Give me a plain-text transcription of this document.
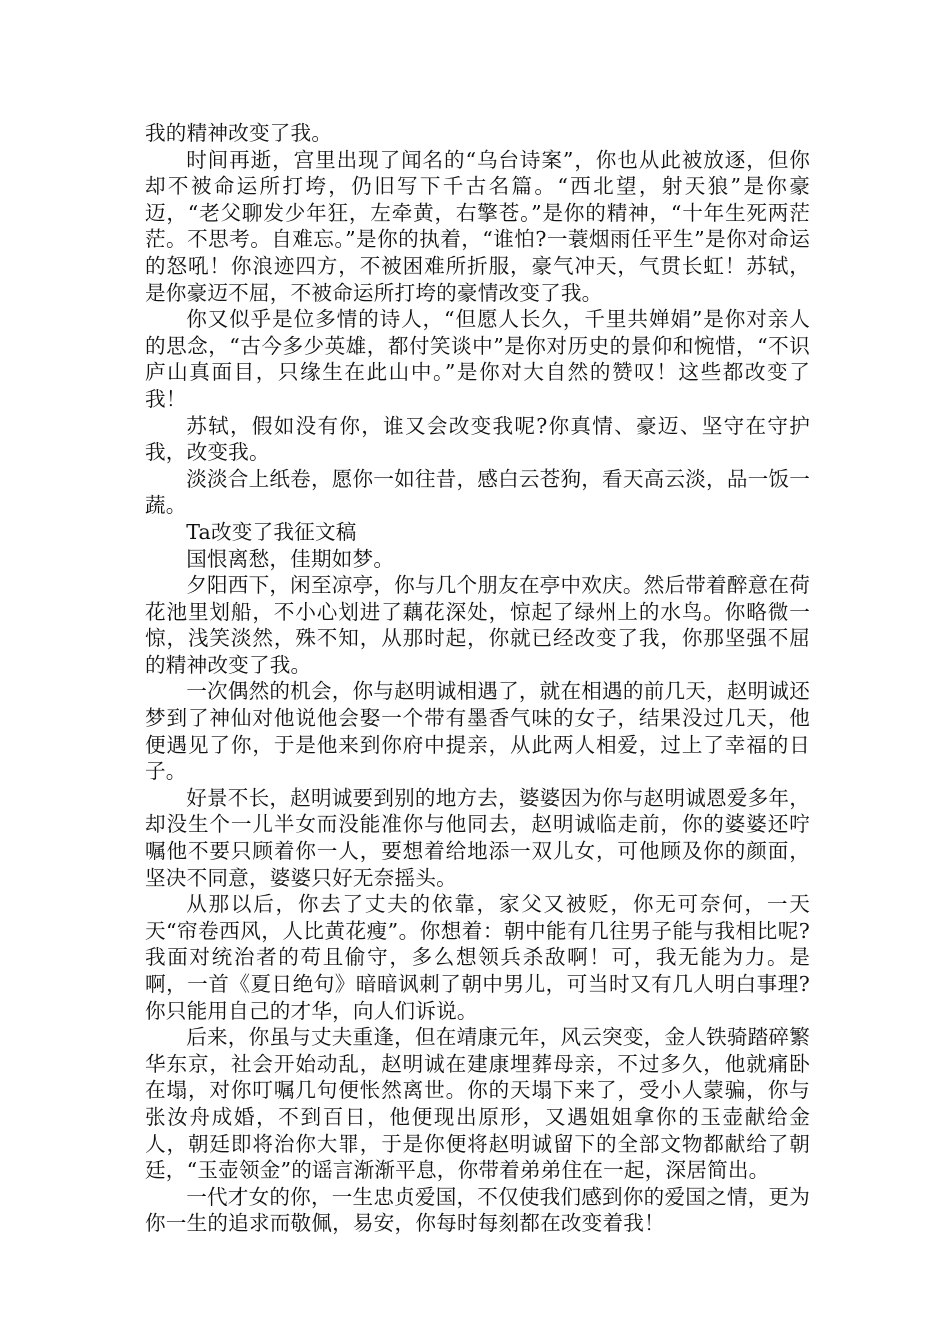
我的精神改变了我。

时间再逝，宫里出现了闻名的“乌台诗案”，你也从此被放逐，但你却不被命运所打垮，仍旧写下千古名篇。“西北望，射天狼”是你豪迈，“老父聊发少年狂，左牵黄，右擎苍。”是你的精神，“十年生死两茫茫。不思考。自难忘。”是你的执着，“谁怕?一蓑烟雨任平生”是你对命运的怒吼！你浪迹四方，不被困难所折服，豪气冲天，气贯长虹！苏轼，是你豪迈不屈，不被命运所打垮的豪情改变了我。

你又似乎是位多情的诗人，“但愿人长久，千里共婵娟”是你对亲人的思念，“古今多少英雄，都付笑谈中”是你对历史的景仰和惋惜，“不识庐山真面目，只缘生在此山中。”是你对大自然的赞叹！这些都改变了我！

苏轼，假如没有你，谁又会改变我呢?你真情、豪迈、坚守在守护我，改变我。

淡淡合上纸卷，愿你一如往昔，感白云苍狗，看天高云淡，品一饭一蔬。

Ta改变了我征文稿

国恨离愁，佳期如梦。

夕阳西下，闲至凉亭，你与几个朋友在亭中欢庆。然后带着醉意在荷花池里划船，不小心划进了藕花深处，惊起了绿州上的水鸟。你略微一惊，浅笑淡然，殊不知，从那时起，你就已经改变了我，你那坚强不屈的精神改变了我。

一次偶然的机会，你与赵明诚相遇了，就在相遇的前几天，赵明诚还梦到了神仙对他说他会娶一个带有墨香气味的女子，结果没过几天，他便遇见了你，于是他来到你府中提亲，从此两人相爱，过上了幸福的日子。

好景不长，赵明诚要到别的地方去，婆婆因为你与赵明诚恩爱多年，却没生个一儿半女而没能准你与他同去，赵明诚临走前，你的婆婆还咛嘱他不要只顾着你一人，要想着给地添一双儿女，可他顾及你的颜面，坚决不同意，婆婆只好无奈摇头。

从那以后，你去了丈夫的依靠，家父又被贬，你无可奈何，一天天“帘卷西风，人比黄花瘦”。你想着：朝中能有几往男子能与我相比呢?我面对统治者的苟且偷守，多么想领兵杀敌啊！可，我无能为力。是啊，一首《夏日绝句》暗暗讽刺了朝中男儿，可当时又有几人明白事理?你只能用自己的才华，向人们诉说。

后来，你虽与丈夫重逢，但在靖康元年，风云突变，金人铁骑踏碎繁华东京，社会开始动乱，赵明诚在建康埋葬母亲，不过多久，他就痛卧在塌，对你叮嘱几句便怅然离世。你的天塌下来了，受小人蒙骗，你与张汝舟成婚，不到百日，他便现出原形，又遇姐姐拿你的玉壶献给金人，朝廷即将治你大罪，于是你便将赵明诚留下的全部文物都献给了朝廷，“玉壶领金”的谣言渐渐平息，你带着弟弟住在一起，深居简出。

一代才女的你，一生忠贞爱国，不仅使我们感到你的爱国之情，更为你一生的追求而敬佩，易安，你每时每刻都在改变着我！
